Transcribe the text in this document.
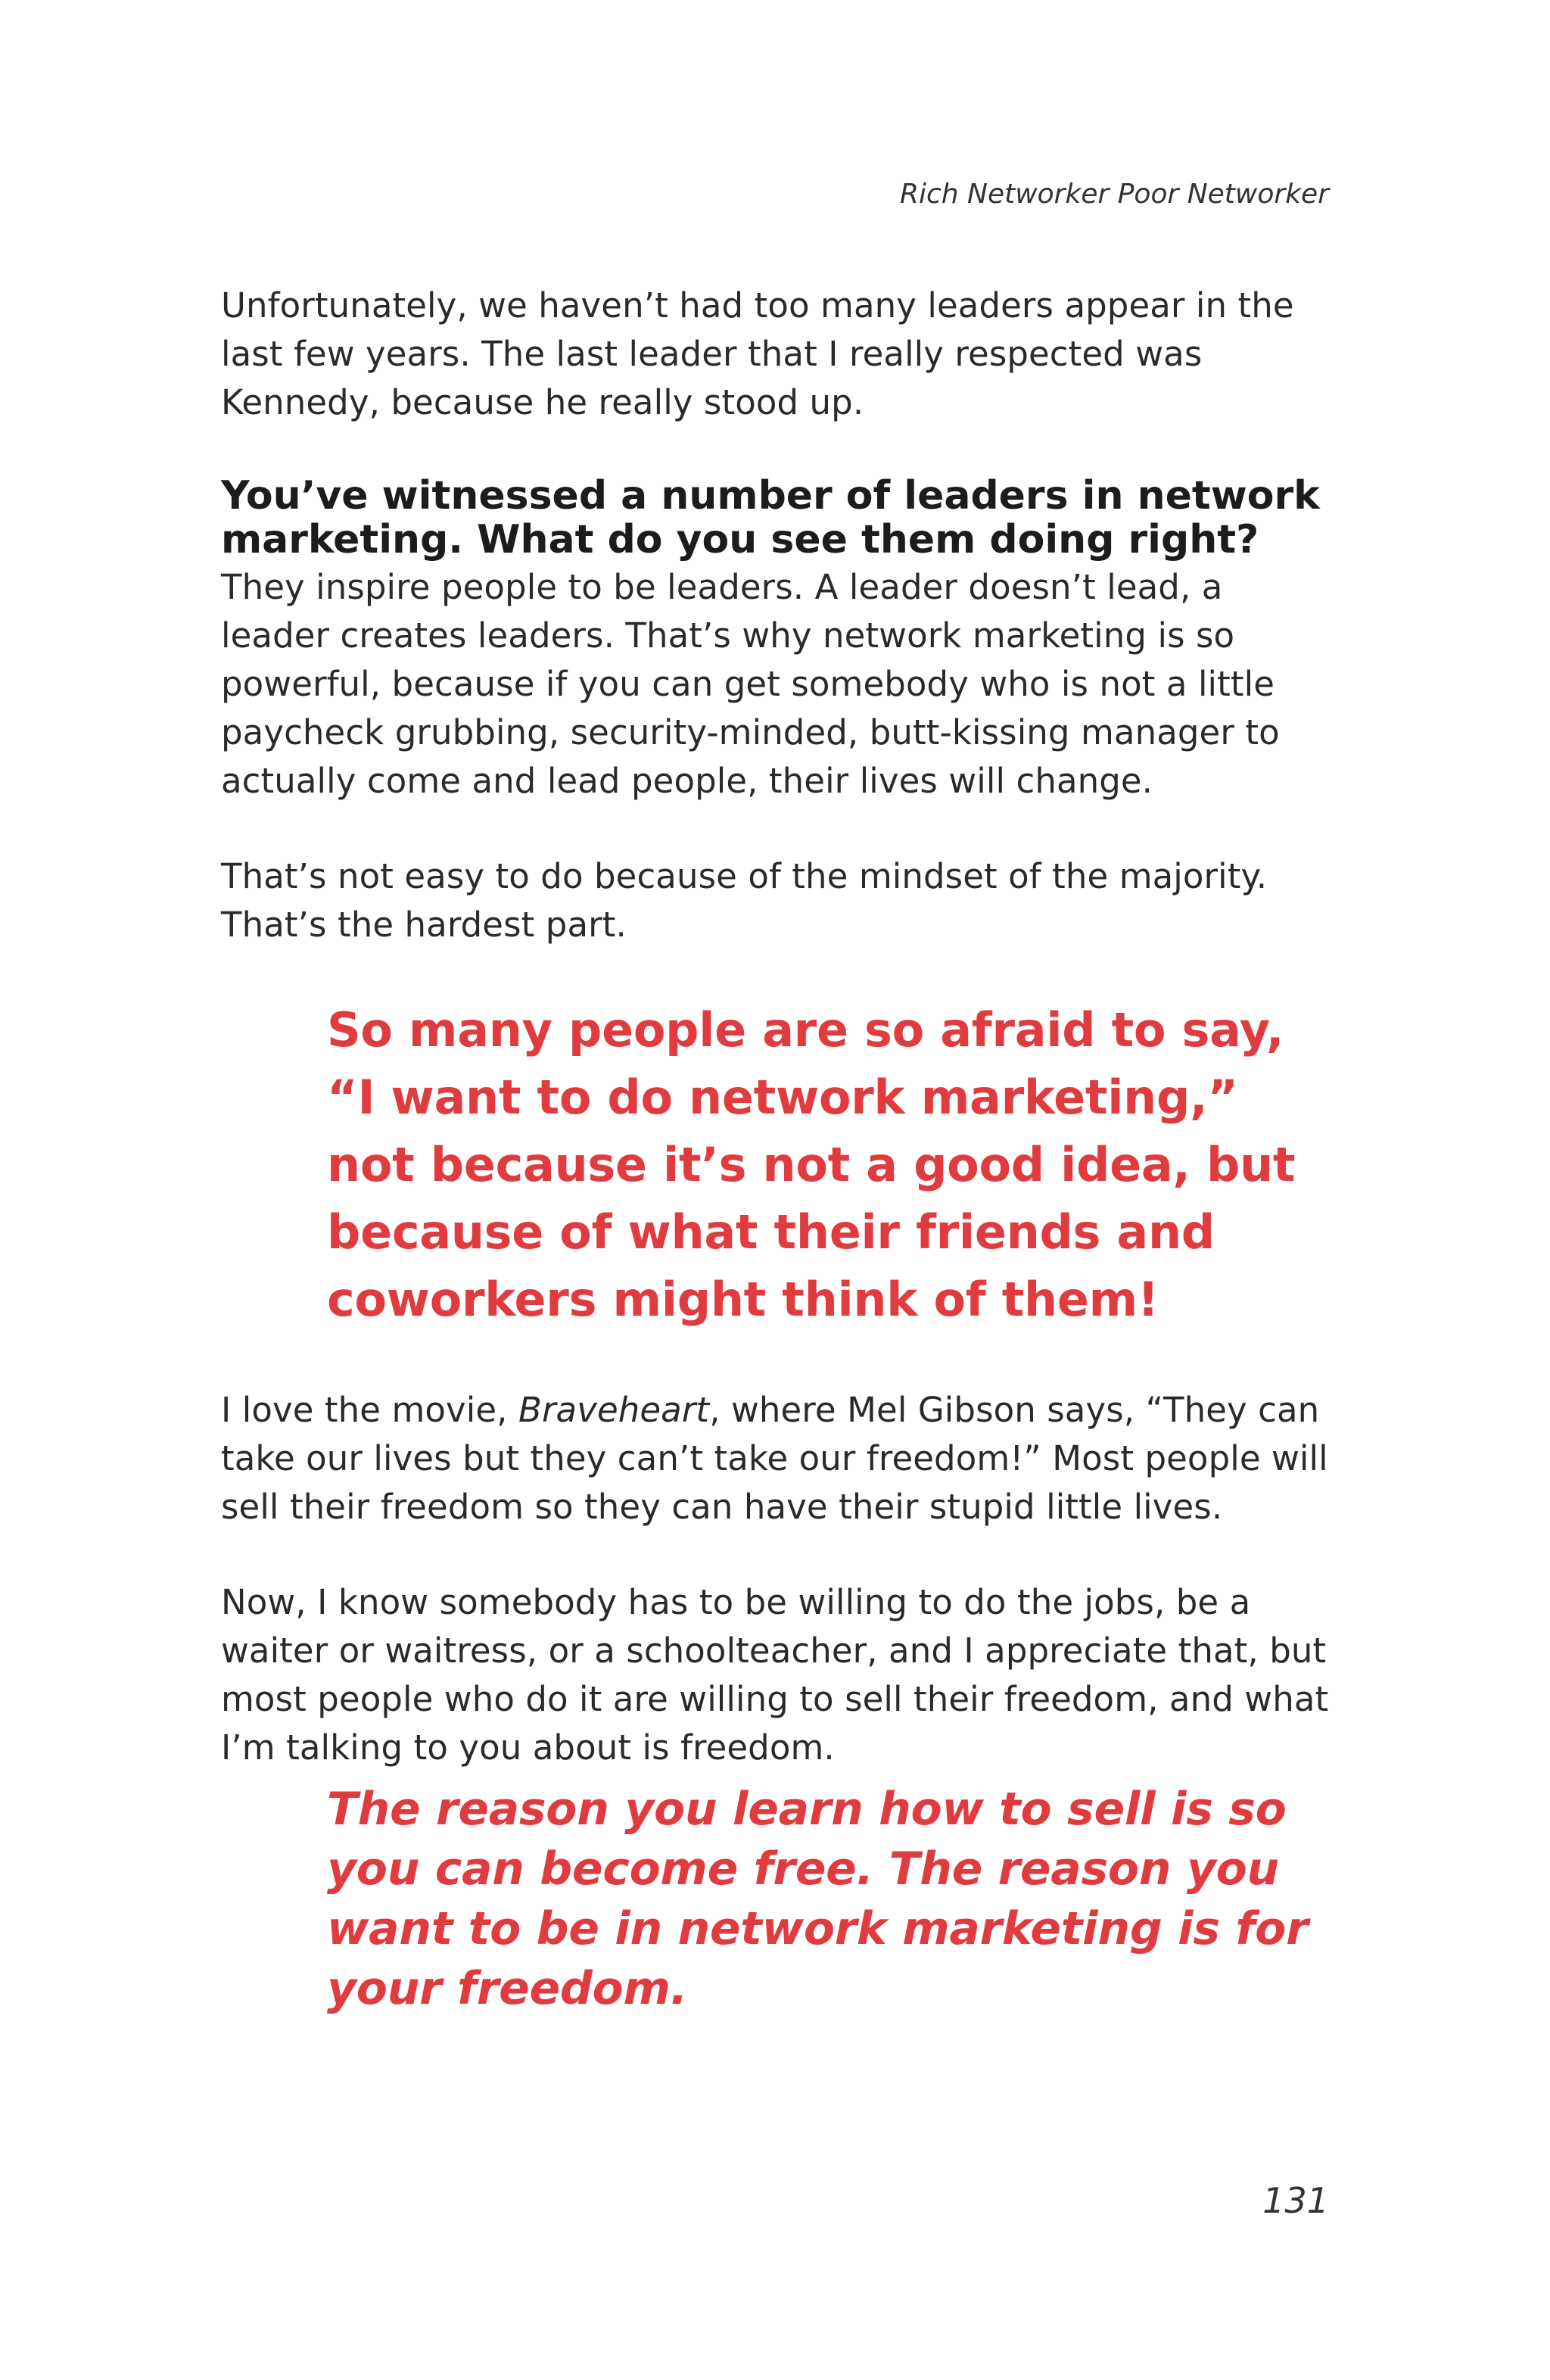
Rich Networker Poor Networker

Unfortunately, we haven’t had too many leaders appear in the last few years. The last leader that I really respected was Kennedy, because he really stood up.

You’ve witnessed a number of leaders in network marketing. What do you see them doing right?

They inspire people to be leaders. A leader doesn’t lead, a leader creates leaders. That’s why network marketing is so powerful, because if you can get somebody who is not a little paycheck grubbing, security-minded, butt-kissing manager to actually come and lead people, their lives will change.

That’s not easy to do because of the mindset of the majority. That’s the hardest part.

So many people are so afraid to say, “I want to do network marketing,” not because it’s not a good idea, but because of what their friends and coworkers might think of them!

I love the movie, Braveheart, where Mel Gibson says, “They can take our lives but they can’t take our freedom!” Most people will sell their freedom so they can have their stupid little lives.

Now, I know somebody has to be willing to do the jobs, be a waiter or waitress, or a schoolteacher, and I appreciate that, but most people who do it are willing to sell their freedom, and what I’m talking to you about is freedom.

The reason you learn how to sell is so you can become free. The reason you want to be in network marketing is for your freedom.
131
